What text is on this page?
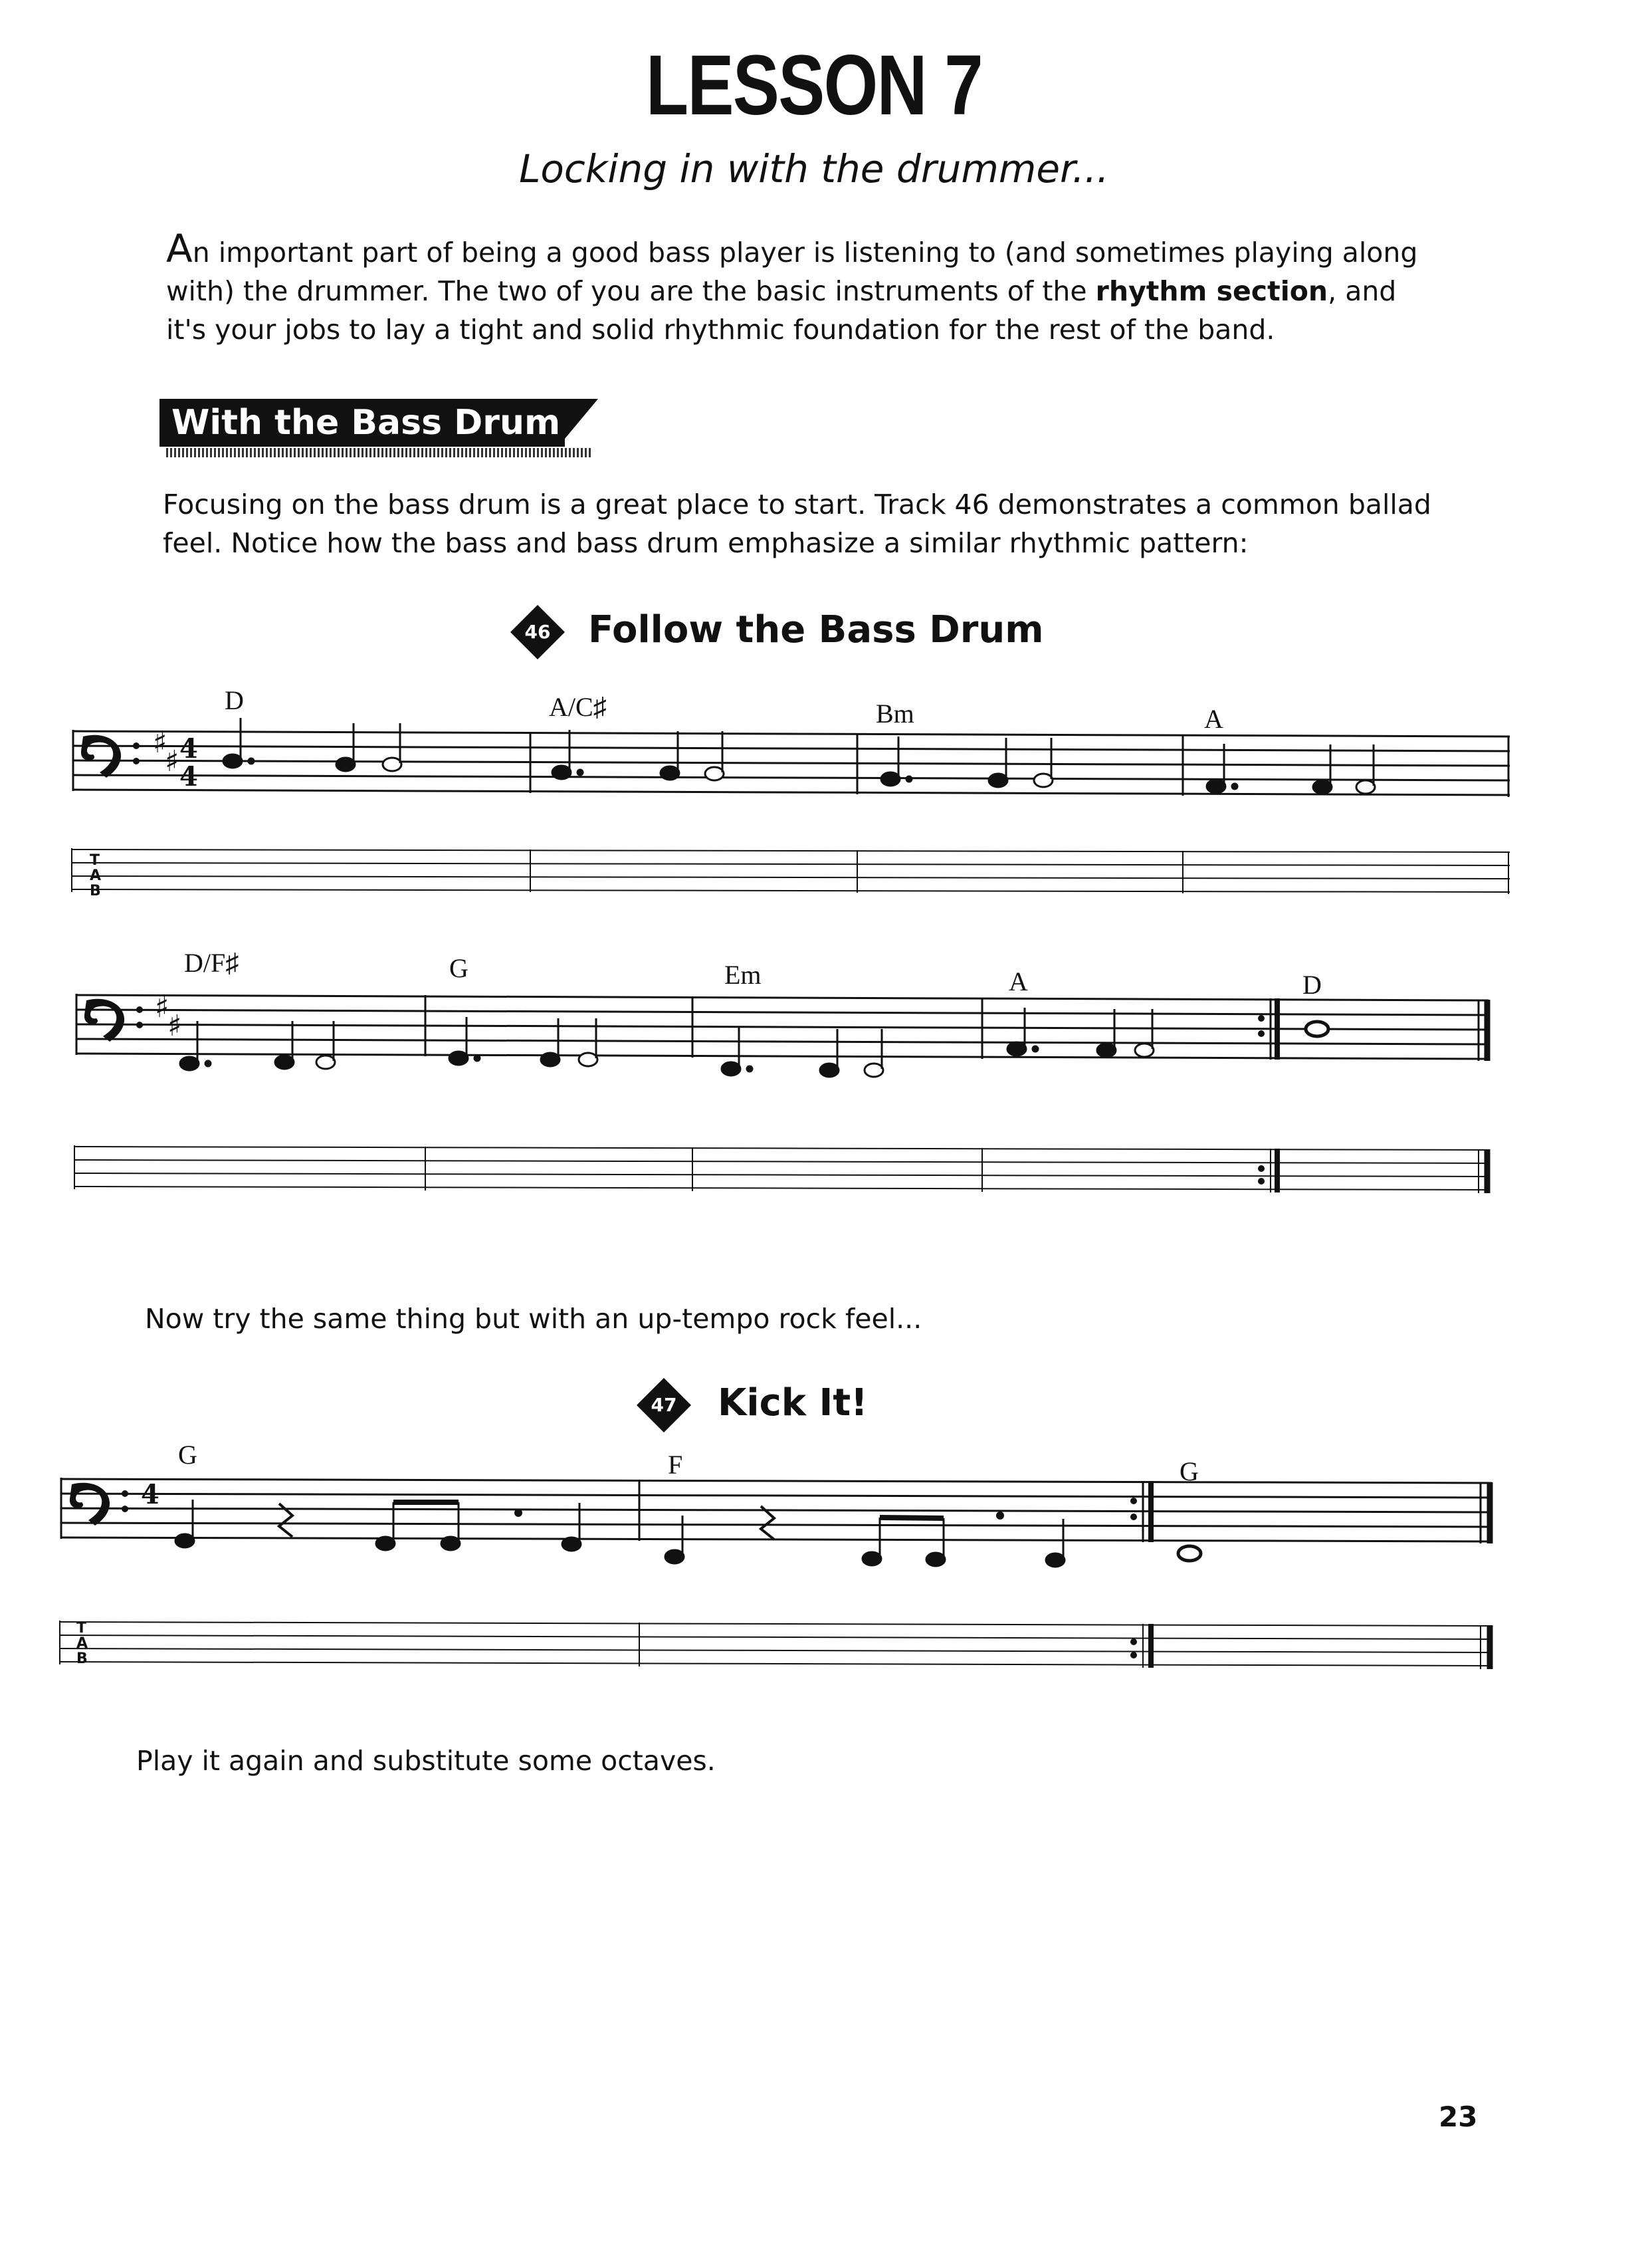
LESSON 7
Locking in with the drummer...
An important part of being a good bass player is listening to (and sometimes playing along with) the drummer. The two of you are the basic instruments of the rhythm section, and it's your jobs to lay a tight and solid rhythmic foundation for the rest of the band.
With the Bass Drum
Focusing on the bass drum is a great place to start. Track 46 demonstrates a common ballad feel. Notice how the bass and bass drum emphasize a similar rhythmic pattern:
46 Follow the Bass Drum
D	A/C♯	Bm	A
D/F♯	G	Em	A	D
T
A
B
♯
♯ 4
4
♯
♯
4
T
A
B
Now try the same thing but with an up-tempo rock feel...
47 Kick It!
G	F	G
Play it again and substitute some octaves.
23
